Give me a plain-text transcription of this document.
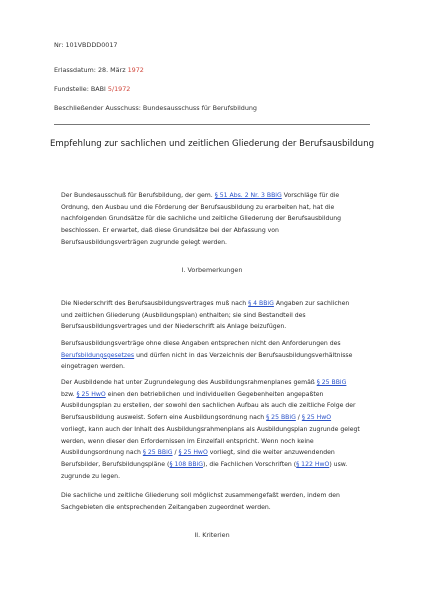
Nr: 101VBDDD0017
Erlassdatum: 28. März 1972
Fundstelle: BABl 5/1972
Beschließender Ausschuss: Bundesausschuss für Berufsbildung
Empfehlung zur sachlichen und zeitlichen Gliederung der Berufsausbildung

Der Bundesausschuß für Berufsbildung, der gem. § 51 Abs. 2 Nr. 3 BBiG Vorschläge für die
Ordnung, den Ausbau und die Förderung der Berufsausbildung zu erarbeiten hat, hat die
nachfolgenden Grundsätze für die sachliche und zeitliche Gliederung der Berufsausbildung
beschlossen. Er erwartet, daß diese Grundsätze bei der Abfassung von
Berufsausbildungsverträgen zugrunde gelegt werden.

I. Vorbemerkungen

Die Niederschrift des Berufsausbildungsvertrages muß nach § 4 BBiG Angaben zur sachlichen
und zeitlichen Gliederung (Ausbildungsplan) enthalten; sie sind Bestandteil des
Berufsausbildungsvertrages und der Niederschrift als Anlage beizufügen.

Berufsausbildungsverträge ohne diese Angaben entsprechen nicht den Anforderungen des
Berufsbildungsgesetzes und dürfen nicht in das Verzeichnis der Berufsausbildungsverhältnisse
eingetragen werden.

Der Ausbildende hat unter Zugrundelegung des Ausbildungsrahmenplanes gemäß § 25 BBiG
bzw. § 25 HwO einen den betrieblichen und individuellen Gegebenheiten angepaßten
Ausbildungsplan zu erstellen, der sowohl den sachlichen Aufbau als auch die zeitliche Folge der
Berufsausbildung ausweist. Sofern eine Ausbildungsordnung nach § 25 BBiG / § 25 HwO
vorliegt, kann auch der Inhalt des Ausbildungsrahmenplans als Ausbildungsplan zugrunde gelegt
werden, wenn dieser den Erfordernissen im Einzelfall entspricht. Wenn noch keine
Ausbildungsordnung nach § 25 BBiG / § 25 HwO vorliegt, sind die weiter anzuwendenden
Berufsbilder, Berufsbildungspläne (§ 108 BBiG), die Fachlichen Vorschriften (§ 122 HwO) usw.
zugrunde zu legen.

Die sachliche und zeitliche Gliederung soll möglichst zusammengefaßt werden, indem den
Sachgebieten die entsprechenden Zeitangaben zugeordnet werden.

II. Kriterien
